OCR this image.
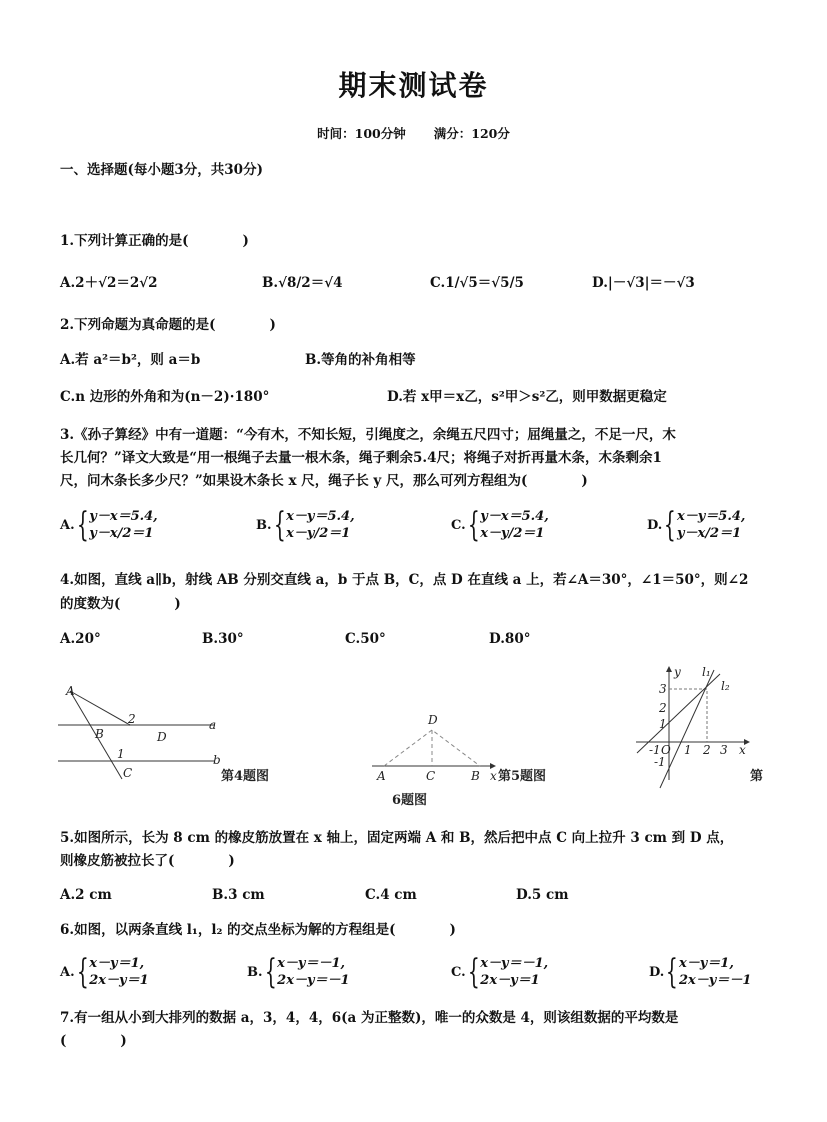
期末测试卷
时间：100分钟 满分：120分
一、选择题(每小题3分，共30分)
1.下列计算正确的是(　　　　)
A.2＋√2＝2√2	B.√8/2＝√4	C.1/√5＝√5/5	D.|－√3|＝－√3
2.下列命题为真命题的是(　　　　)
A.若 a²＝b²，则 a＝b	B.等角的补角相等
C.n 边形的外角和为(n－2)·180°	D.若 x甲＝x乙，s²甲＞s²乙，则甲数据更稳定
3.《孙子算经》中有一道题：“今有木，不知长短，引绳度之，余绳五尺四寸；屈绳量之，不足一尺，木
长几何？”译文大致是“用一根绳子去量一根木条，绳子剩余5.4尺；将绳子对折再量木条，木条剩余1
尺，问木条长多少尺？”如果设木条长 x 尺，绳子长 y 尺，那么可列方程组为(　　　　)
A. { y－x＝5.4,
y－x/2＝1
B. { x－y＝5.4,
x－y/2＝1
C. { y－x＝5.4,
x－y/2＝1
D. { x－y＝5.4,
y－x/2＝1
4.如图，直线 a∥b，射线 AB 分别交直线 a，b 于点 B，C，点 D 在直线 a 上，若∠A＝30°，∠1＝50°，则∠2
的度数为(　　　　)
A.20°	B.30°	C.50°	D.80°
A
B	D
C
a
b
1
2
第4题图
D
A	C	B x 第5题图
6题图
y l₁
l₂
3
2
1
-1 O 1 2 3
-1
x
第
5.如图所示，长为 8 cm 的橡皮筋放置在 x 轴上，固定两端 A 和 B，然后把中点 C 向上拉升 3 cm 到 D 点，
则橡皮筋被拉长了(　　　　)
A.2 cm	B.3 cm	C.4 cm	D.5 cm
6.如图，以两条直线 l₁，l₂ 的交点坐标为解的方程组是(　　　　)
A. { x－y＝1,
2x－y＝1
B. { x－y＝－1,
2x－y＝－1
C. { x－y＝－1,
2x－y＝1
D. { x－y＝1,
2x－y＝－1
7.有一组从小到大排列的数据 a，3，4，4，6(a 为正整数)，唯一的众数是 4，则该组数据的平均数是
(　　　　)
